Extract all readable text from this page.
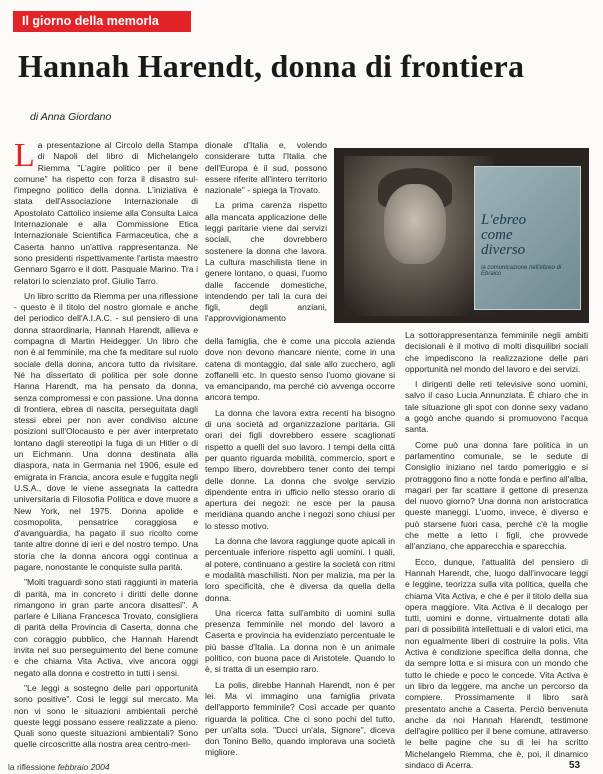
Il giorno della memorla
Hannah Harendt, donna di frontiera
di Anna Giordano
L a presentazione al Circolo della Stampa di Napoli del libro di Michelangelo Riemma "L'agire politico per il bene comune" ha rispetto con forza il disastro sul-l'impegno politico della donna. L'iniziativa è stata dell'Associazione Internazionale di Apostolato Cattolico insieme alla Consulta Laica Internazionale e alla Commissione Etica Internazionale Scientifica Farmaceutica, che a Caserta hanno un'attiva rappresentanza. Ne sono presidenti rispettivamente l'artista maestro Gennaro Sgarro e il dott. Pasquale Marino. Tra i relatori lo scienziato prof. Giulio Tarro.

Un libro scritto da Riemma per una riflessione - questo è il titolo del nostro giornale e anche del periodico dell'A.I.A.C. - sul pensiero di una donna straordinaria, Hannah Harendt, allieva e compagna di Martin Heidegger. Un libro che non è al femminile, ma che fa meditare sul ruolo sociale della donna, ancora tutto da rivisitare. Né ha dissertato di politica per sole donne Hanna Harendt, ma ha pensato da donna, senza compromessi e con passione. Una donna di frontiera, ebrea di nascita, perseguitata dagli stessi ebrei per non aver condiviso alcune posizioni sull'Olocausto e per aver interpretato lontano dagli stereotipi la fuga di un Hitler o di un Eichmann. Una donna destinata alla diaspora, nata in Germania nel 1906, esule ed emigrata in Francia, ancora esule e fuggita negli U.S.A., dove le viene assegnata la cattedra universitaria di Filosofia Politica e dove muore a New York, nel 1975. Donna apolide e cosmopolita, pensatrice coraggiosa e d'avanguardia, ha pagato il suo ricolto come tante altre donne di ieri e del nostro tempo. Una storia che la donna ancora oggi continua a pagare, nonostante le conquiste sulla parità.

"Molti traguardi sono stati raggiunti in materia di parità, ma in concreto i diritti delle donne rimangono in gran parte ancora disattesi". A parlare è Liliana Francesca Trovato, consigliera di parità della Provincia di Caserta, donna che con coraggio pubblico, che Hannah Harendt invita nel suo perseguimento del bene comune e che chiama Vita Activa, vive ancora oggi negato alla donna e costretto in tutti i sensi.

"Le leggi a sostegno delle pari opportunità sono positive". Così le leggi sul mercato. Ma non vi sono le situazioni ambientali perché queste leggi possano essere realizzate a pieno. Quali sono queste situazioni ambientali? Sono quelle circoscritte alla nostra area centro-meri-

dionale d'Italia e, volendo considerare tutta l'Italia che dell'Europa è il sud, possono essere riferite all'intero territorio nazionale" - spiega la Trovato.

La prima carenza rispetto alla mancata applicazione delle leggi paritarie viene dai servizi sociali, che dovrebbero sostenere la donna che lavora. La cultura maschilista tiene in genere lontano, o quasi, l'uomo dalle faccende domestiche, intendendo per tali la cura dei figli, degli anziani, l'approvvigionamento

della famiglia, che è come una piccola azienda dove non devono mancare niente, come in una catena di montaggio, dal sale allo zucchero, agli zoffanelli etc. In questo senso l'uomo giovane si va emancipando, ma perché ciò avvenga occorre ancora tempo.

La donna che lavora extra recenti ha bisogno di una società ad organizzazione paritaria. Gli orari dei figli dovrebbero essere scaglionati rispetto a quelli del suo lavoro. I tempi della città per quanto riguarda mobilità, commercio, sport e tempo libero, dovrebbero tener conto dei tempi delle donne. La donna che svolge servizio dipendente entra in ufficio nello stesso orario di apertura dei negozi: ne esce per la pausa meridiana quando anche i negozi sono chiusi per lo stesso motivo.

La donna che lavora raggiunge quote apicali in percentuale inferiore rispetto agli uomini. I quali, al potere, continuano a gestire la società con ritmi e modalità maschilisti. Non per malizia, ma per la loro specificità, che è diversa da quella della donna.

Una ricerca fatta sull'ambito di uomini sulla presenza femminile nel mondo del lavoro a Caserta e provincia ha evidenziato percentuale le più basse d'Italia. La donna non è un animale politico, con buona pace di Aristotele. Quando lo è, si tratta di un esempio raro.

La polis, direbbe Hannah Harendt, non è per lei. Ma vi immagino una famiglia privata dell'apporto femminile? Così accade per quanto riguarda la politica. Che ci sono pochi del tutto, per un'alta sola. "Ducci un'ala, Signore", diceva don Tonino Bello, quando implorava una società migliore.

L'ebreo
come
diverso
la comunicazione nell'ebreo di Ebraico

La sottorappresentanza femminile negli ambiti decisionali è il motivo di molti disquilibri sociali che impediscono la realizzazione delle pari opportunità nel mondo del lavoro e dei servizi.

I dirigenti delle reti televisive sono uomini, salvo il caso Lucia Annunziata. È chiaro che in tale situazione gli spot con donne sexy vadano a gogò anche quando si promuovono l'acqua santa.

Come può una donna fare politica in un parlamentino comunale, se le sedute di Consiglio iniziano nel tardo pomeriggio e si protraggono fino a notte fonda e perfino all'alba, magari per far scattare il gettone di presenza del nuovo giorno? Una donna non aristocratica queste maneggi. L'uomo, invece, è diverso e può starsene fuori casa, perché c'è la moglie che mette a letto i figli, che provvede all'anziano, che apparecchia e sparecchia.

Ecco, dunque, l'attualità del pensiero di Hannah Harendt, che, luogo dall'invocare leggi e leggine, teorizza sulla vita politica, quella che chiama Vita Activa, e che è per il titolo della sua opera maggiore. Vita Activa è il decalogo per tutti, uomini e donne, virtualmente dotati alla pari di possibilità intellettuali e di valori etici, ma non egualmente liberi di costruire la polis. Vita Activa è condizione specifica della donna, che da sempre lotta e si misura con un mondo che tutto le chiede e poco le concede. Vita Activa è un libro da leggere, ma anche un percorso da compiere. Prossimamente il libro sarà presentato anche a Caserta. Perciò benvenuta anche da noi Hannah Harendt, testimone dell'agire politico per il bene comune, attraverso le belle pagine che su di lei ha scritto Michelangelo Riemma, che è, poi, il dinamico sindaco di Acerra.

la riflessione febbraio 2004	53
